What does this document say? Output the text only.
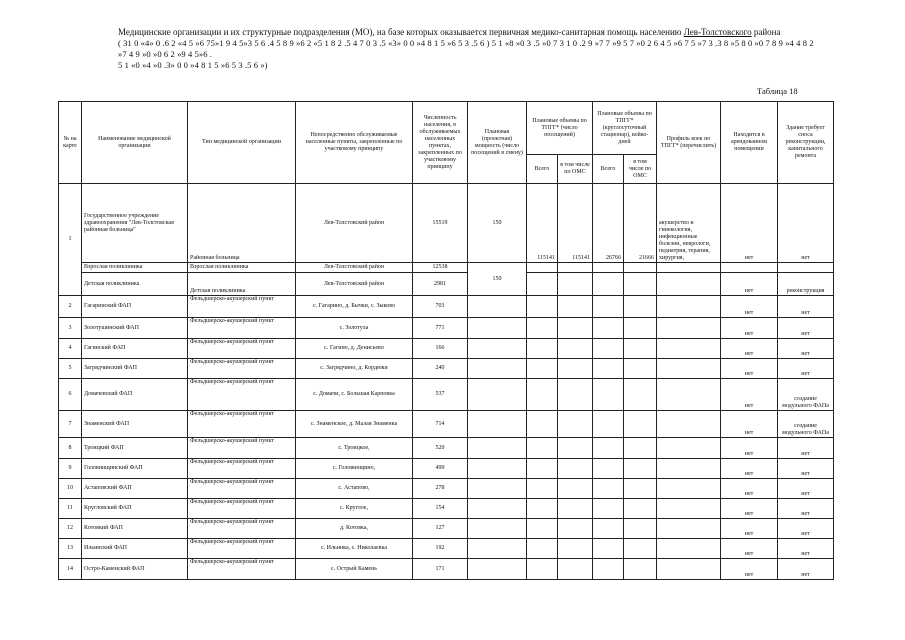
Медицинские организации и их структурные подразделения (МО), на базе которых оказывается первичная медико-санитарная помощь населению Лев-Толстовского района
( 31 0 «4» 0 .6 2 «4 5 »6 75»1 9 4 5»3 5 6 .4 5 8 9 »6 2 «5 1 8 2 .5 4 7 0 3 .5 «3» 0 0 »4 8 1 5 »6 5 3 .5 6 ) 5 1 «8 »0 3 .5 »0 7 3 1 0 .2 9 »7 7 »9 5 7 »0 2 6 4 5 »6 7 5 »7 3 .3 8 »5 8 0 »0 7 8 9 »4 4 8 2 »7 4 9 »0 »0 6 2 »9 4 5»6 .
5 1 «0 »4 »0 .3» 0 0 »4 8 1 5 »6 5 3 .5 6 »)
Таблица 18
№ на карте	Наименование медицинской организации	Тип медицинской организации	Непосредственно обслуживаемые населенные пункты, закрепленные по участковому принципу	Численность населения, в обслуживаемых населенных пунктах, закрепленных по участковому принципу	Плановая (проектная) мощность (число посещений в смену)	Плановые объемы по ТПГГ* (число посещений)		Плановые объемы по ТПГГ* (круглосуточный стационар), койко-дней		Профиль коек по ТПГГ* (перечислить)	Находится в арендованном помещении	Здание требует сноса реконструкции, капитального ремонта
						Всего	в том числе по ОМС	Всего	в том числе по ОМС			
1	Государственное учреждение здравоохранения "Лев-Толстовская районная больница"	Районная больница	Лев-Толстовский район	15519	150	115141	115141	26766	21666	акушерство и гинекология, инфекционные болезни, неврологи, педиатрия, терапия, хирургия,	нет	нет
	Взрослая поликлиника	Взрослая поликлиника	Лев-Толстовский район	12538	150							
	Детская поликлиника	Детская поликлиника	Лев-Толстовский район	2981							нет	реконструкция
2	Гагаринский ФАП	Фельдшерско-акушерский пункт	с. Гагарино, д. Бычки, с. Зыково	703							нет	нет
3	Золотушинский ФАП	Фельдшерско-акушерский пункт	с. Золотуха	771							нет	нет
4	Гагинский ФАП	Фельдшерско-акушерский пункт	с. Гагино, д. Денисьево	166							нет	нет
5	Загрядчинский ФАП	Фельдшерско-акушерский пункт	с. Загрядчино, д. Кордюки	240							нет	нет
6	Домачевский ФАП	Фельдшерско-акушерский пункт	с. Домачи, с. Большая Карповка	537							нет	создание модульного ФАПа
7	Знаменский ФАП	Фельдшерско-акушерский пункт	с. Знаменское, д. Малая Знаменка	714							нет	создание модульного ФАПа
8	Троицкий ФАП	Фельдшерско-акушерский пункт	с. Троицкое,	520							нет	нет
9	Головинщинский ФАП	Фельдшерско-акушерский пункт	с. Головинщино,	499							нет	нет
10	Астаповский ФАП	Фельдшерско-акушерский пункт	с. Астапово,	278							нет	нет
11	Кругловский ФАП	Фельдшерско-акушерский пункт	с. Круглое,	154							нет	нет
12	Котовкий ФАП	Фельдшерско-акушерский пункт	д. Котовка,	127							нет	нет
13	Ильинский ФАП	Фельдшерско-акушерский пункт	с. Ильинка, с. Николаевка	192							нет	нет
14	Остро-Каменский ФАП	Фельдшерско-акушерский пункт	с. Острый Камень	171							нет	нет
